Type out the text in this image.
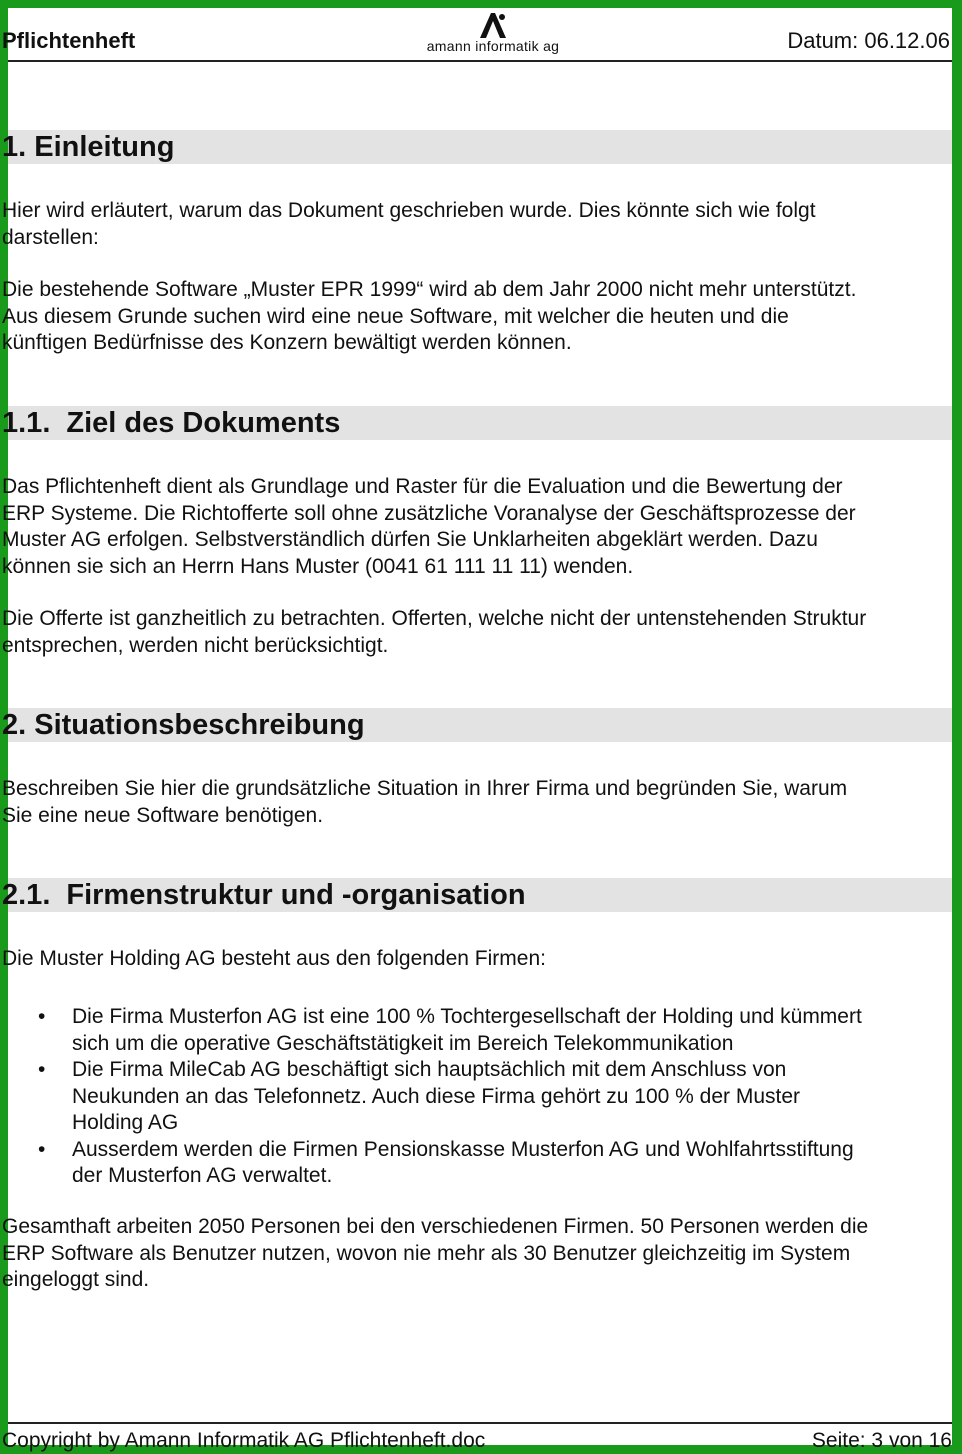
Pflichtenheft	amann informatik ag	Datum: 06.12.06
1. Einleitung
Hier wird erläutert, warum das Dokument geschrieben wurde. Dies könnte sich wie folgt
darstellen:
Die bestehende Software „Muster EPR 1999“ wird ab dem Jahr 2000 nicht mehr unterstützt.
Aus diesem Grunde suchen wird eine neue Software, mit welcher die heuten und die
künftigen Bedürfnisse des Konzern bewältigt werden können.
1.1. Ziel des Dokuments
Das Pflichtenheft dient als Grundlage und Raster für die Evaluation und die Bewertung der
ERP Systeme. Die Richtofferte soll ohne zusätzliche Voranalyse der Geschäftsprozesse der
Muster AG erfolgen. Selbstverständlich dürfen Sie Unklarheiten abgeklärt werden. Dazu
können sie sich an Herrn Hans Muster (0041 61 111 11 11) wenden.
Die Offerte ist ganzheitlich zu betrachten. Offerten, welche nicht der untenstehenden Struktur
entsprechen, werden nicht berücksichtigt.
2. Situationsbeschreibung
Beschreiben Sie hier die grundsätzliche Situation in Ihrer Firma und begründen Sie, warum
Sie eine neue Software benötigen.
2.1. Firmenstruktur und -organisation
Die Muster Holding AG besteht aus den folgenden Firmen:
• Die Firma Musterfon AG ist eine 100 % Tochtergesellschaft der Holding und kümmert
sich um die operative Geschäftstätigkeit im Bereich Telekommunikation
• Die Firma MileCab AG beschäftigt sich hauptsächlich mit dem Anschluss von
Neukunden an das Telefonnetz. Auch diese Firma gehört zu 100 % der Muster
Holding AG
• Ausserdem werden die Firmen Pensionskasse Musterfon AG und Wohlfahrtsstiftung
der Musterfon AG verwaltet.
Gesamthaft arbeiten 2050 Personen bei den verschiedenen Firmen. 50 Personen werden die
ERP Software als Benutzer nutzen, wovon nie mehr als 30 Benutzer gleichzeitig im System
eingeloggt sind.
Copyright by Amann Informatik AG Pflichtenheft.doc	Seite: 3 von 16
